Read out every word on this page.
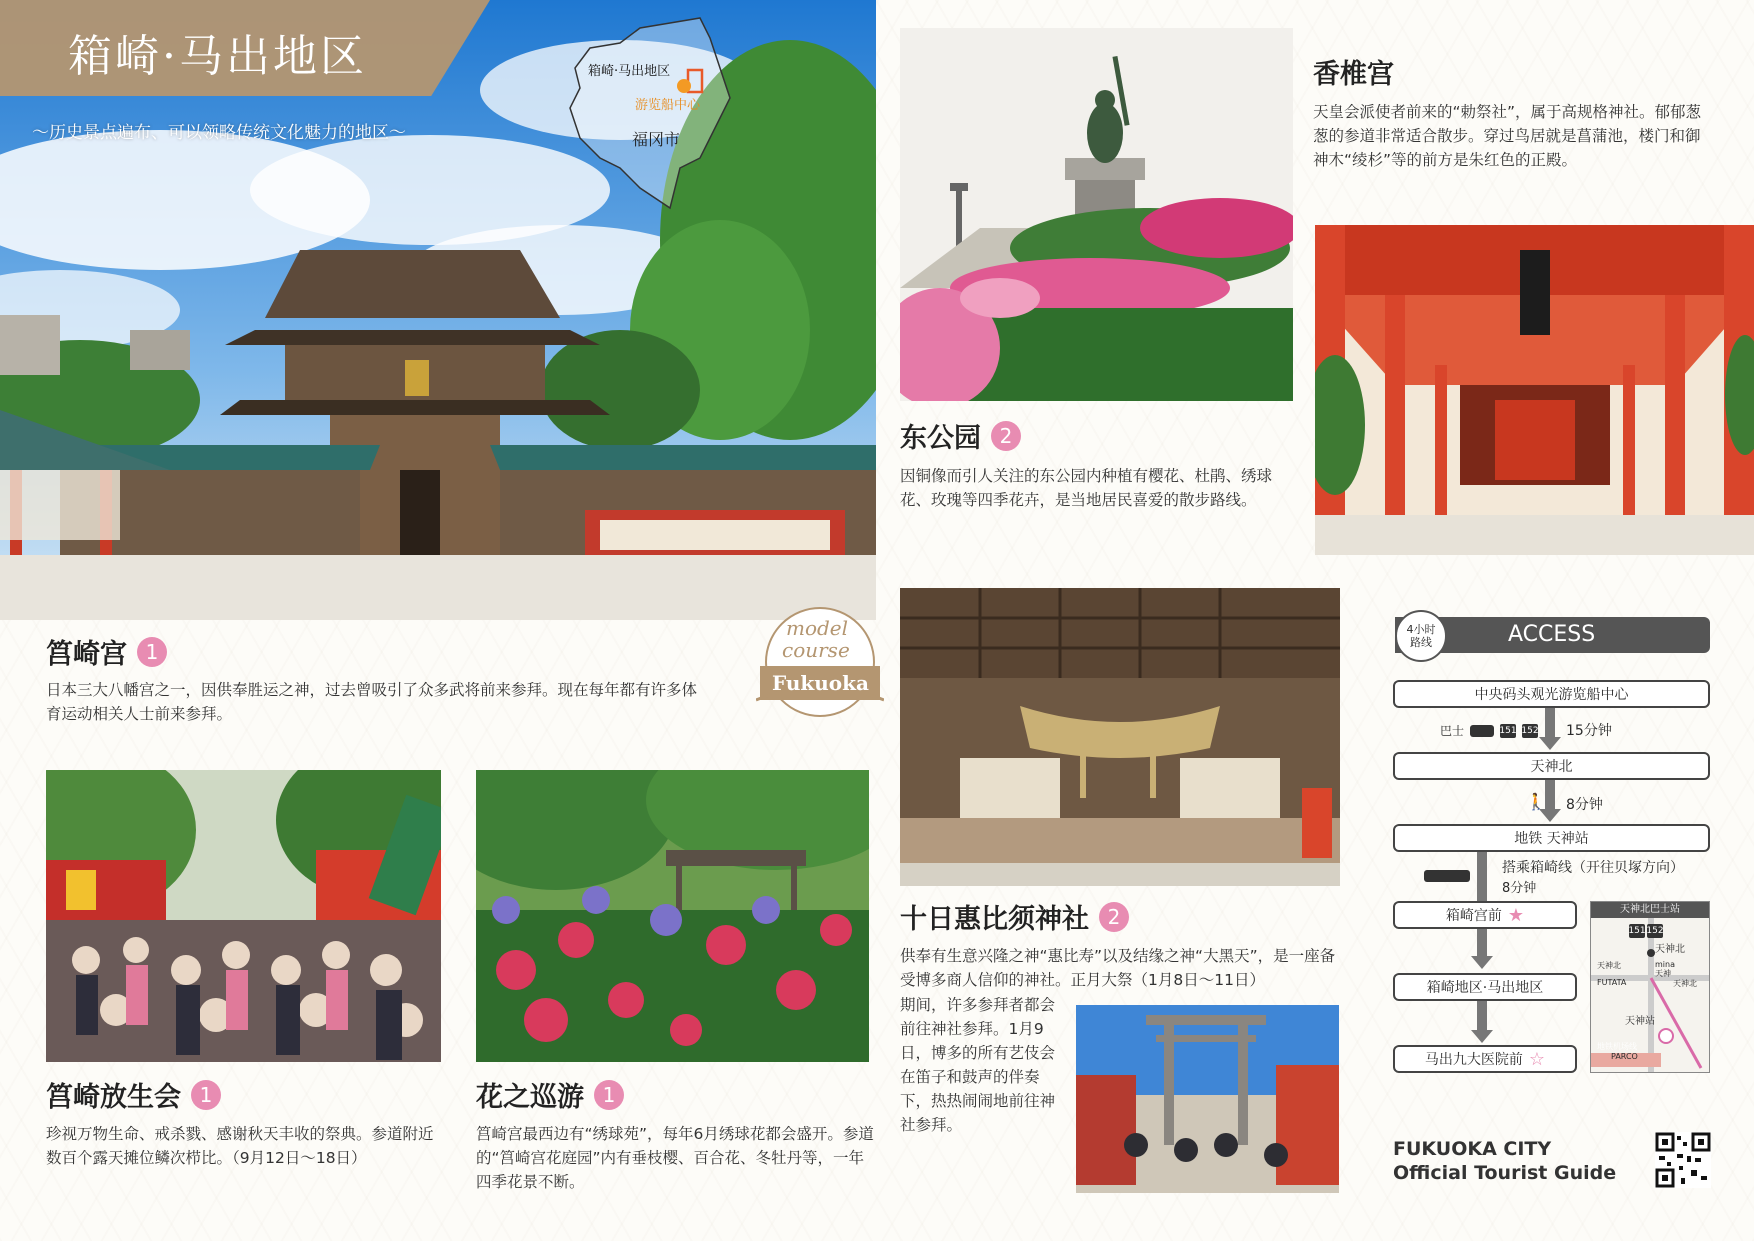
箱崎·马出地区
～历史景点遍布、可以领略传统文化魅力的地区～
箱崎·马出地区
游览船中心
福冈市
model
course
Fukuoka
筥崎宫 1
日本三大八幡宫之一，因供奉胜运之神，过去曾吸引了众多武将前来参拜。现在每年都有许多体育运动相关人士前来参拜。
筥崎放生会 1
珍视万物生命、戒杀戮、感谢秋天丰收的祭典。参道附近数百个露天摊位鳞次栉比。（9月12日～18日）
花之巡游 1
筥崎宫最西边有“绣球苑”，每年6月绣球花都会盛开。参道的“筥崎宫花庭园”内有垂枝樱、百合花、冬牡丹等，一年四季花景不断。
东公园 2
因铜像而引人关注的东公园内种植有樱花、杜鹃、绣球花、玫瑰等四季花卉，是当地居民喜爱的散步路线。
香椎宫
天皇会派使者前来的“勅祭社”，属于高规格神社。郁郁葱葱的参道非常适合散步。穿过鸟居就是菖蒲池，楼门和御神木“绫杉”等的前方是朱红色的正殿。
十日惠比须神社 2
供奉有生意兴隆之神“惠比寿”以及结缘之神“大黑天”，是一座备受博多商人信仰的神社。正月大祭（1月8日～11日）
期间，许多参拜者都会前往神社参拜。1月9日，博多的所有艺伎会在笛子和鼓声的伴奏下，热热闹闹地前往神社参拜。
ACCESS
4小时
路线
中央码头观光游览船中心
巴士	151 152 15分钟
天神北
🚶 8分钟
地铁 天神站
搭乘箱崎线（开往贝塚方向）
8分钟
箱崎宫前 ★
箱崎地区·马出地区
马出九大医院前 ☆
天神北巴士站
151 152
天神北
天神北	mina 天神
FUTATA	天神北
天神站
地铁机场线
PARCO
FUKUOKA CITY
Official Tourist Guide
